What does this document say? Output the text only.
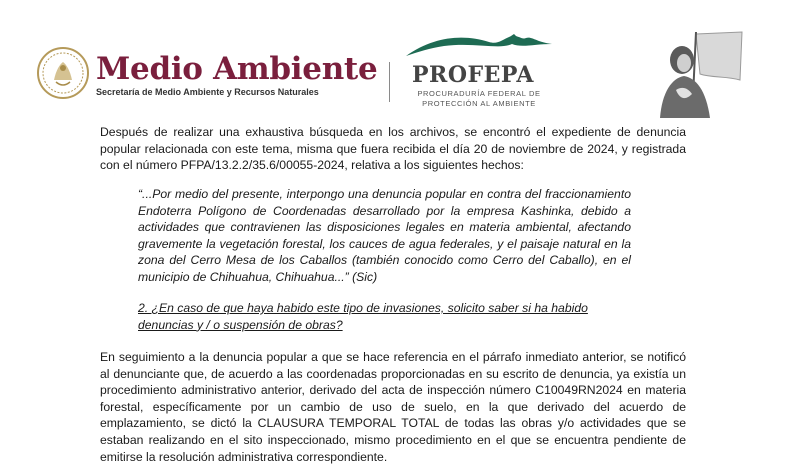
Medio Ambiente
Secretaría de Medio Ambiente y Recursos Naturales
PROFEPA
PROCURADURÍA FEDERAL DE PROTECCIÓN AL AMBIENTE

Después de realizar una exhaustiva búsqueda en los archivos, se encontró el expediente de denuncia popular relacionada con este tema, misma que fuera recibida el día 20 de noviembre de 2024, y registrada con el número PFPA/13.2.2/35.6/00055-2024, relativa a los siguientes hechos:

“...Por medio del presente, interpongo una denuncia popular en contra del fraccionamiento Endoterra Polígono de Coordenadas desarrollado por la empresa Kashinka, debido a actividades que contravienen las disposiciones legales en materia ambiental, afectando gravemente la vegetación forestal, los cauces de agua federales, y el paisaje natural en la zona del Cerro Mesa de los Caballos (también conocido como Cerro del Caballo), en el municipio de Chihuahua, Chihuahua...” (Sic)

2. ¿En caso de que haya habido este tipo de invasiones, solicito saber si ha habido denuncias y / o suspensión de obras?

En seguimiento a la denuncia popular a que se hace referencia en el párrafo inmediato anterior, se notificó al denunciante que, de acuerdo a las coordenadas proporcionadas en su escrito de denuncia, ya existía un procedimiento administrativo anterior, derivado del acta de inspección número C10049RN2024 en materia forestal, específicamente por un cambio de uso de suelo, en la que derivado del acuerdo de emplazamiento, se dictó la CLAUSURA TEMPORAL TOTAL de todas las obras y/o actividades que se estaban realizando en el sito inspeccionado, mismo procedimiento en el que se encuentra pendiente de emitirse la resolución administrativa correspondiente.
